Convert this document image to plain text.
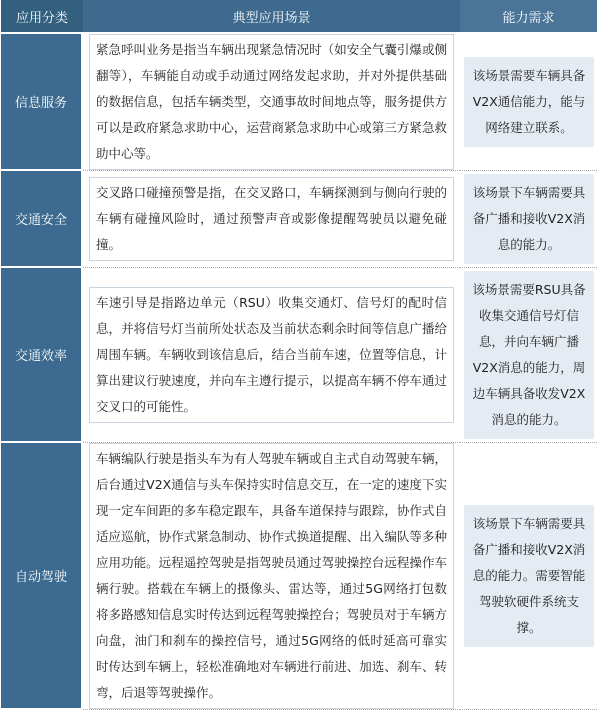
应用分类	典型应用场景	能力需求
信息服务	紧急呼叫业务是指当车辆出现紧急情况时（如安全气囊引爆或侧翻等），车辆能自动或手动通过网络发起求助，并对外提供基础的数据信息，包括车辆类型，交通事故时间地点等，服务提供方可以是政府紧急求助中心，运营商紧急求助中心或第三方紧急救助中心等。	该场景需要车辆具备V2X通信能力，能与网络建立联系。

交通安全	交叉路口碰撞预警是指，在交叉路口，车辆探测到与侧向行驶的车辆有碰撞风险时，通过预警声音或影像提醒驾驶员以避免碰撞。	该场景下车辆需要具备广播和接收V2X消息的能力。

交通效率	车速引导是指路边单元（RSU）收集交通灯、信号灯的配时信息，并将信号灯当前所处状态及当前状态剩余时间等信息广播给周围车辆。车辆收到该信息后，结合当前车速，位置等信息，计算出建议行驶速度，并向车主遵行提示，以提高车辆不停车通过交叉口的可能性。	该场景需要RSU具备收集交通信号灯信息，并向车辆广播V2X消息的能力，周边车辆具备收发V2X消息的能力。

自动驾驶	车辆编队行驶是指头车为有人驾驶车辆或自主式自动驾驶车辆，后台通过V2X通信与头车保持实时信息交互，在一定的速度下实现一定车间距的多车稳定跟车，具备车道保持与跟踪，协作式自适应巡航，协作式紧急制动、协作式换道提醒、出入编队等多种应用功能。远程遥控驾驶是指驾驶员通过驾驶操控台远程操作车辆行驶。搭载在车辆上的摄像头、雷达等，通过5G网络打包数将多路感知信息实时传达到远程驾驶操控台；驾驶员对于车辆方向盘，油门和刹车的操控信号，通过5G网络的低时延高可靠实时传达到车辆上，轻松准确地对车辆进行前进、加选、刹车、转弯，后退等驾驶操作。	该场景下车辆需要具备广播和接收V2X消息的能力。需要智能驾驶软硬件系统支撑。
